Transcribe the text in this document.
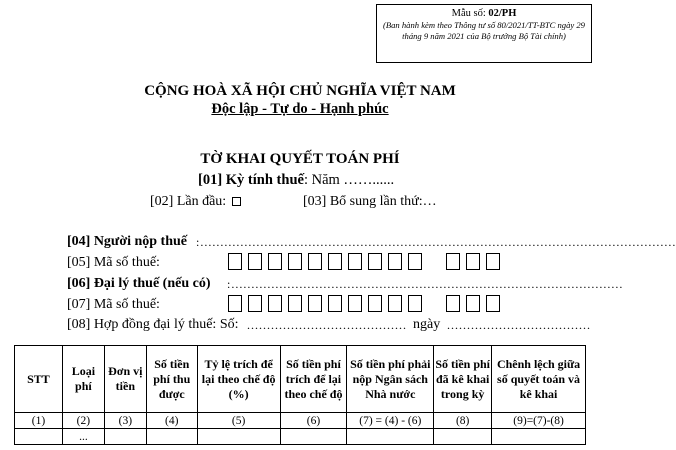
Mẫu số: 02/PH
(Ban hành kèm theo Thông tư số 80/2021/TT-BTC ngày 29 tháng 9 năm 2021 của Bộ trưởng Bộ Tài chính)
CỘNG HOÀ XÃ HỘI CHỦ NGHĨA VIỆT NAM
Độc lập - Tự do - Hạnh phúc
TỜ KHAI QUYẾT TOÁN PHÍ
[01] Kỳ tính thuế: Năm ……......
[02] Lần đầu:	[03] Bổ sung lần thứ:…
[04] Người nộp thuế :.......................................................................................................................
[05] Mã số thuế:
[06] Đại lý thuế (nếu có) :..................................................................................................
[07] Mã số thuế:
[08] Hợp đồng đại lý thuế: Số: ........................................ ngày ....................................
STT	Loại phí	Đơn vị tiền	Số tiền phí thu được	Tỷ lệ trích để lại theo chế độ (%)	Số tiền phí trích để lại theo chế độ	Số tiền phí phải nộp Ngân sách Nhà nước	Số tiền phí đã kê khai trong kỳ	Chênh lệch giữa số quyết toán và kê khai
(1)	(2)	(3)	(4)	(5)	(6)	(7) = (4) - (6)	(8)	(9)=(7)-(8)
	...							
